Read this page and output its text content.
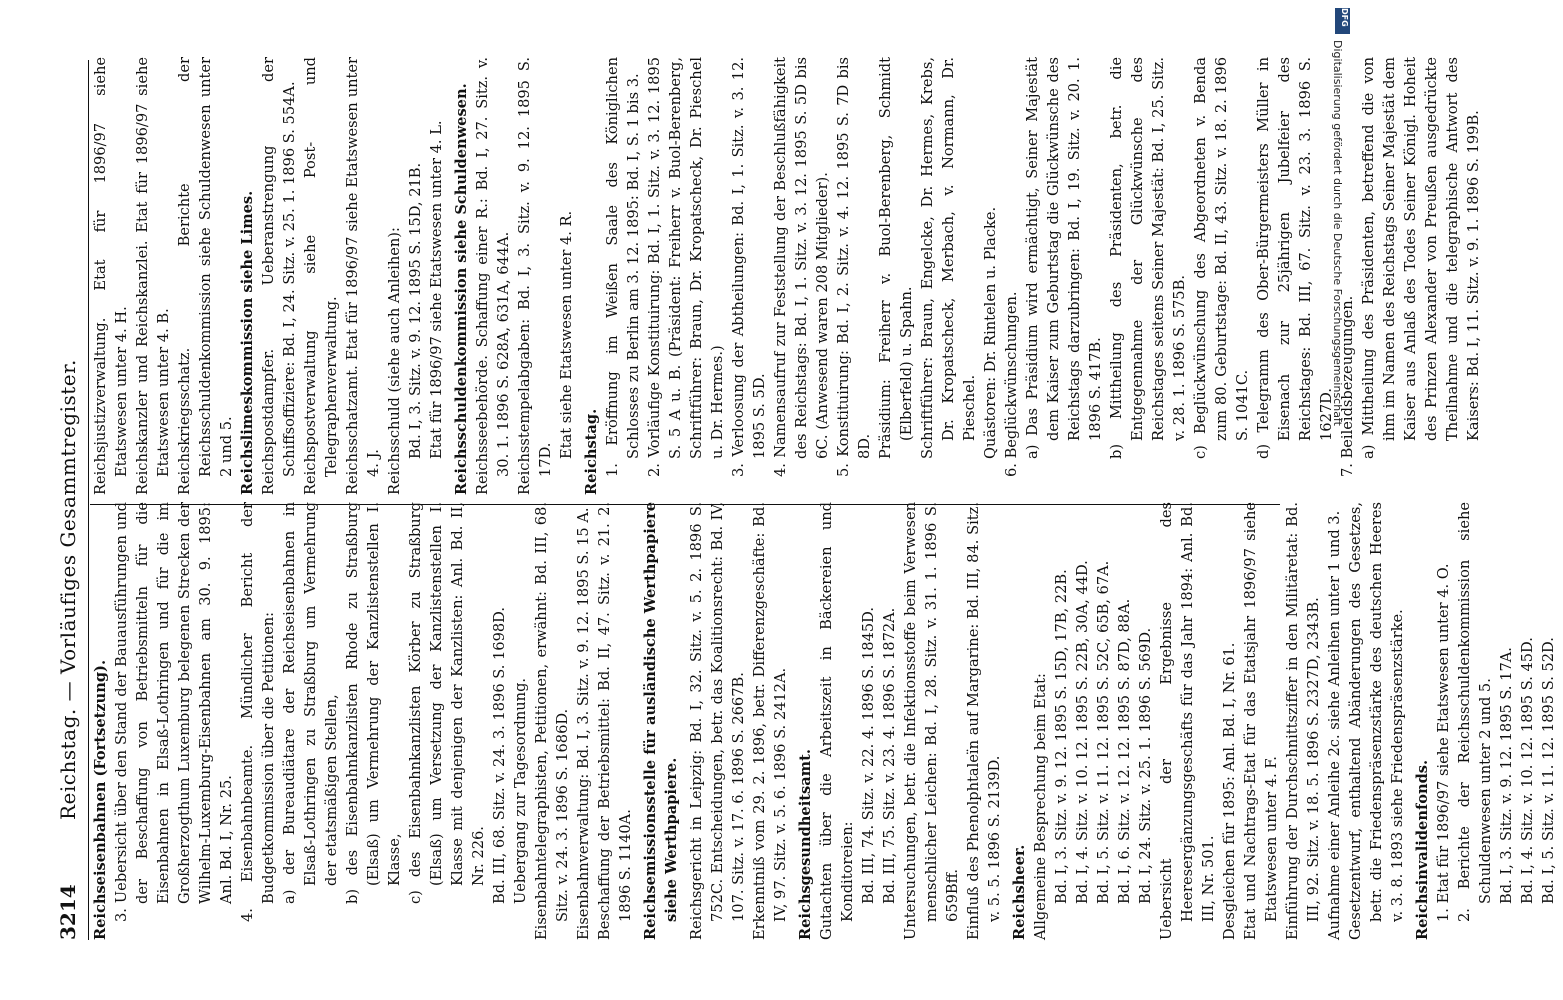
3214
Reichstag. — Vorläufiges Gesammtregister. Reichseisenbahnen (Fortsetzung). 3. Uebersicht über den Stand der Bauausführungen und der Beschaffung von Betriebsmitteln für die Eisenbahnen in Elsaß-Lothringen und für die im Großherzogthum Luxemburg belegenen Strecken der Wilhelm-Luxemburg-Eisenbahnen am 30. 9. 1895: Anl. Bd. I, Nr. 25. 4. Eisenbahnbeamte. Mündlicher Bericht der Budgetkommission über die Petitionen: a) der Bureaudiätare der Reichseisenbahnen in Elsaß-Lothringen zu Straßburg um Vermehrung der etatsmäßigen Stellen, b) des Eisenbahnkanzlisten Rhode zu Straßburg (Elsaß) um Vermehrung der Kanzlistenstellen I. Klasse, c) des Eisenbahnkanzlisten Körber zu Straßburg (Elsaß) um Versetzung der Kanzlistenstellen I. Klasse mit denjenigen der Kanzlisten: Anl. Bd. II, Nr. 226. Bd. III, 68. Sitz. v. 24. 3. 1896 S. 1698D. Uebergang zur Tagesordnung. Eisenbahntelegraphisten, Petitionen, erwähnt: Bd. III, 68. Sitz. v. 24. 3. 1896 S. 1686D. Eisenbahnverwaltung: Bd. I, 3. Sitz. v. 9. 12. 1895 S. 15 A. Beschaffung der Betriebsmittel: Bd. II, 47. Sitz. v. 21. 2. 1896 S. 1140A. Reichsemissionsstelle für ausländische Werthpapiere siehe Werthpapiere. Reichsgericht in Leipzig: Bd. I, 32. Sitz. v. 5. 2. 1896 S. 752C. Entscheidungen, betr. das Koalitionsrecht: Bd. IV, 107. Sitz. v. 17. 6. 1896 S. 2667B. Erkenntniß vom 29. 2. 1896, betr. Differenzgeschäfte: Bd. IV, 97. Sitz. v. 5. 6. 1896 S. 2412A. Reichsgesundheitsamt. Gutachten über die Arbeitszeit in Bäckereien und Konditoreien: Bd. III, 74. Sitz. v. 22. 4. 1896 S. 1845D. Bd. III, 75. Sitz. v. 23. 4. 1896 S. 1872A. Untersuchungen, betr. die Infektionsstoffe beim Verwesen menschlicher Leichen: Bd. I, 28. Sitz. v. 31. 1. 1896 S. 659Bff. Einfluß des Phenolphtaleïn auf Margarine: Bd. III, 84. Sitz. v. 5. 5. 1896 S. 2139D. Reichsheer. Allgemeine Besprechung beim Etat: Bd. I, 3. Sitz. v. 9. 12. 1895 S. 15D, 17B, 22B. Bd. I, 4. Sitz. v. 10. 12. 1895 S. 22B, 30A, 44D. Bd. I, 5. Sitz. v. 11. 12. 1895 S. 52C, 65B, 67A. Bd. I, 6. Sitz. v. 12. 12. 1895 S. 87D, 88A. Bd. I, 24. Sitz. v. 25. 1. 1896 S. 569D. Uebersicht der Ergebnisse des Heeresergänzungsgeschäfts für das Jahr 1894: Anl. Bd. III, Nr. 501. Desgleichen für 1895: Anl. Bd. I, Nr. 61. Etat und Nachtrags-Etat für das Etatsjahr 1896/97 siehe Etatswesen unter 4. F. Einführung der Durchschnittsziffer in den Militäretat: Bd. III, 92. Sitz. v. 18. 5. 1896 S. 2327D, 2343B. Aufnahme einer Anleihe 2c. siehe Anleihen unter 1 und 3. Gesetzentwurf, enthaltend Abänderungen des Gesetzes, betr. die Friedenspräsenzstärke des deutschen Heeres v. 3. 8. 1893 siehe Friedenspräsenzstärke. Reichsinvalidenfonds. 1. Etat für 1896/97 siehe Etatswesen unter 4. O. 2. Berichte der Reichsschuldenkommission siehe Schuldenwesen unter 2 und 5. Bd. I, 3. Sitz. v. 9. 12. 1895 S. 17A. Bd. I, 4. Sitz. v. 10. 12. 1895 S. 45D. Bd. I, 5. Sitz. v. 11. 12. 1895 S. 52D.

Reichsjustizverwaltung. Etat für 1896/97 siehe Etatswesen unter 4. H. Reichskanzler und Reichskanzlei. Etat für 1896/97 siehe Etatswesen unter 4. B. Reichskriegsschatz. Berichte der Reichsschuldenkommission siehe Schuldenwesen unter 2 und 5. Reichslimeskommission siehe Limes. Reichspostdampfer. Ueberanstrengung der Schiffsoffiziere: Bd. I, 24. Sitz. v. 25. 1. 1896 S. 554A. Reichspostverwaltung siehe Post- und Telegraphenverwaltung. Reichsschatzamt. Etat für 1896/97 siehe Etatswesen unter 4. J. Reichsschuld (siehe auch Anleihen): Bd. I, 3. Sitz. v. 9. 12. 1895 S. 15D, 21B. Etat für 1896/97 siehe Etatswesen unter 4. L. Reichsschuldenkommission siehe Schuldenwesen. Reichsseebehörde. Schaffung einer R.: Bd. I, 27. Sitz. v. 30. 1. 1896 S. 628A, 631A, 644A. Reichsstempelabgaben: Bd. I, 3. Sitz. v. 9. 12. 1895 S. 17D.

Etat siehe Etatswesen unter 4. R. Reichstag. 1. Eröffnung im Weißen Saale des Königlichen Schlosses zu Berlin am 3. 12. 1895: Bd. I, S. 1 bis 3. 2. Vorläufige Konstituirung: Bd. I, 1. Sitz. v. 3. 12. 1895 S. 5 A u. B. (Präsident: Freiherr v. Buol-Berenberg, Schriftführer: Braun, Dr. Kropatscheck, Dr. Pieschel u. Dr. Hermes.) 3. Verloosung der Abtheilungen: Bd. I, 1. Sitz. v. 3. 12. 1895 S. 5D. 4. Namensaufruf zur Feststellung der Beschlußfähigkeit des Reichstags: Bd. I, 1. Sitz. v. 3. 12. 1895 S. 5D bis 6C. (Anwesend waren 208 Mitglieder). 5. Konstituirung: Bd. I, 2. Sitz. v. 4. 12. 1895 S. 7D bis 8D. Präsidium: Freiherr v. Buol-Berenberg, Schmidt (Elberfeld) u. Spahn. Schriftführer: Braun, Engelcke, Dr. Hermes, Krebs, Dr. Kropatscheck, Merbach, v. Normann, Dr. Pieschel. Quästoren: Dr. Rintelen u. Placke. 6. Beglückwünschungen. a) Das Präsidium wird ermächtigt, Seiner Majestät dem Kaiser zum Geburtstag die Glückwünsche des Reichstags darzubringen: Bd. I, 19. Sitz. v. 20. 1. 1896 S. 417B. b) Mittheilung des Präsidenten, betr. die Entgegennahme der Glückwünsche des Reichstages seitens Seiner Majestät: Bd. I, 25. Sitz. v. 28. 1. 1896 S. 575B. c) Beglückwünschung des Abgeordneten v. Benda zum 80. Geburtstage: Bd. II, 43. Sitz. v. 18. 2. 1896 S. 1041C. d) Telegramm des Ober-Bürgermeisters Müller in Eisenach zur 25jährigen Jubelfeier des Reichstages: Bd. III, 67. Sitz. v. 23. 3. 1896 S. 1627D. 7. Beileidsbezeugungen. a) Mittheilung des Präsidenten, betreffend die von ihm im Namen des Reichstags Seiner Majestät dem Kaiser aus Anlaß des Todes Seiner Königl. Hoheit des Prinzen Alexander von Preußen ausgedrückte Theilnahme und die telegraphische Antwort des Kaisers: Bd. I, 11. Sitz. v. 9. 1. 1896 S. 199B.

DFG
Digitalisierung gefördert durch die Deutsche Forschungsgemeinschaft
